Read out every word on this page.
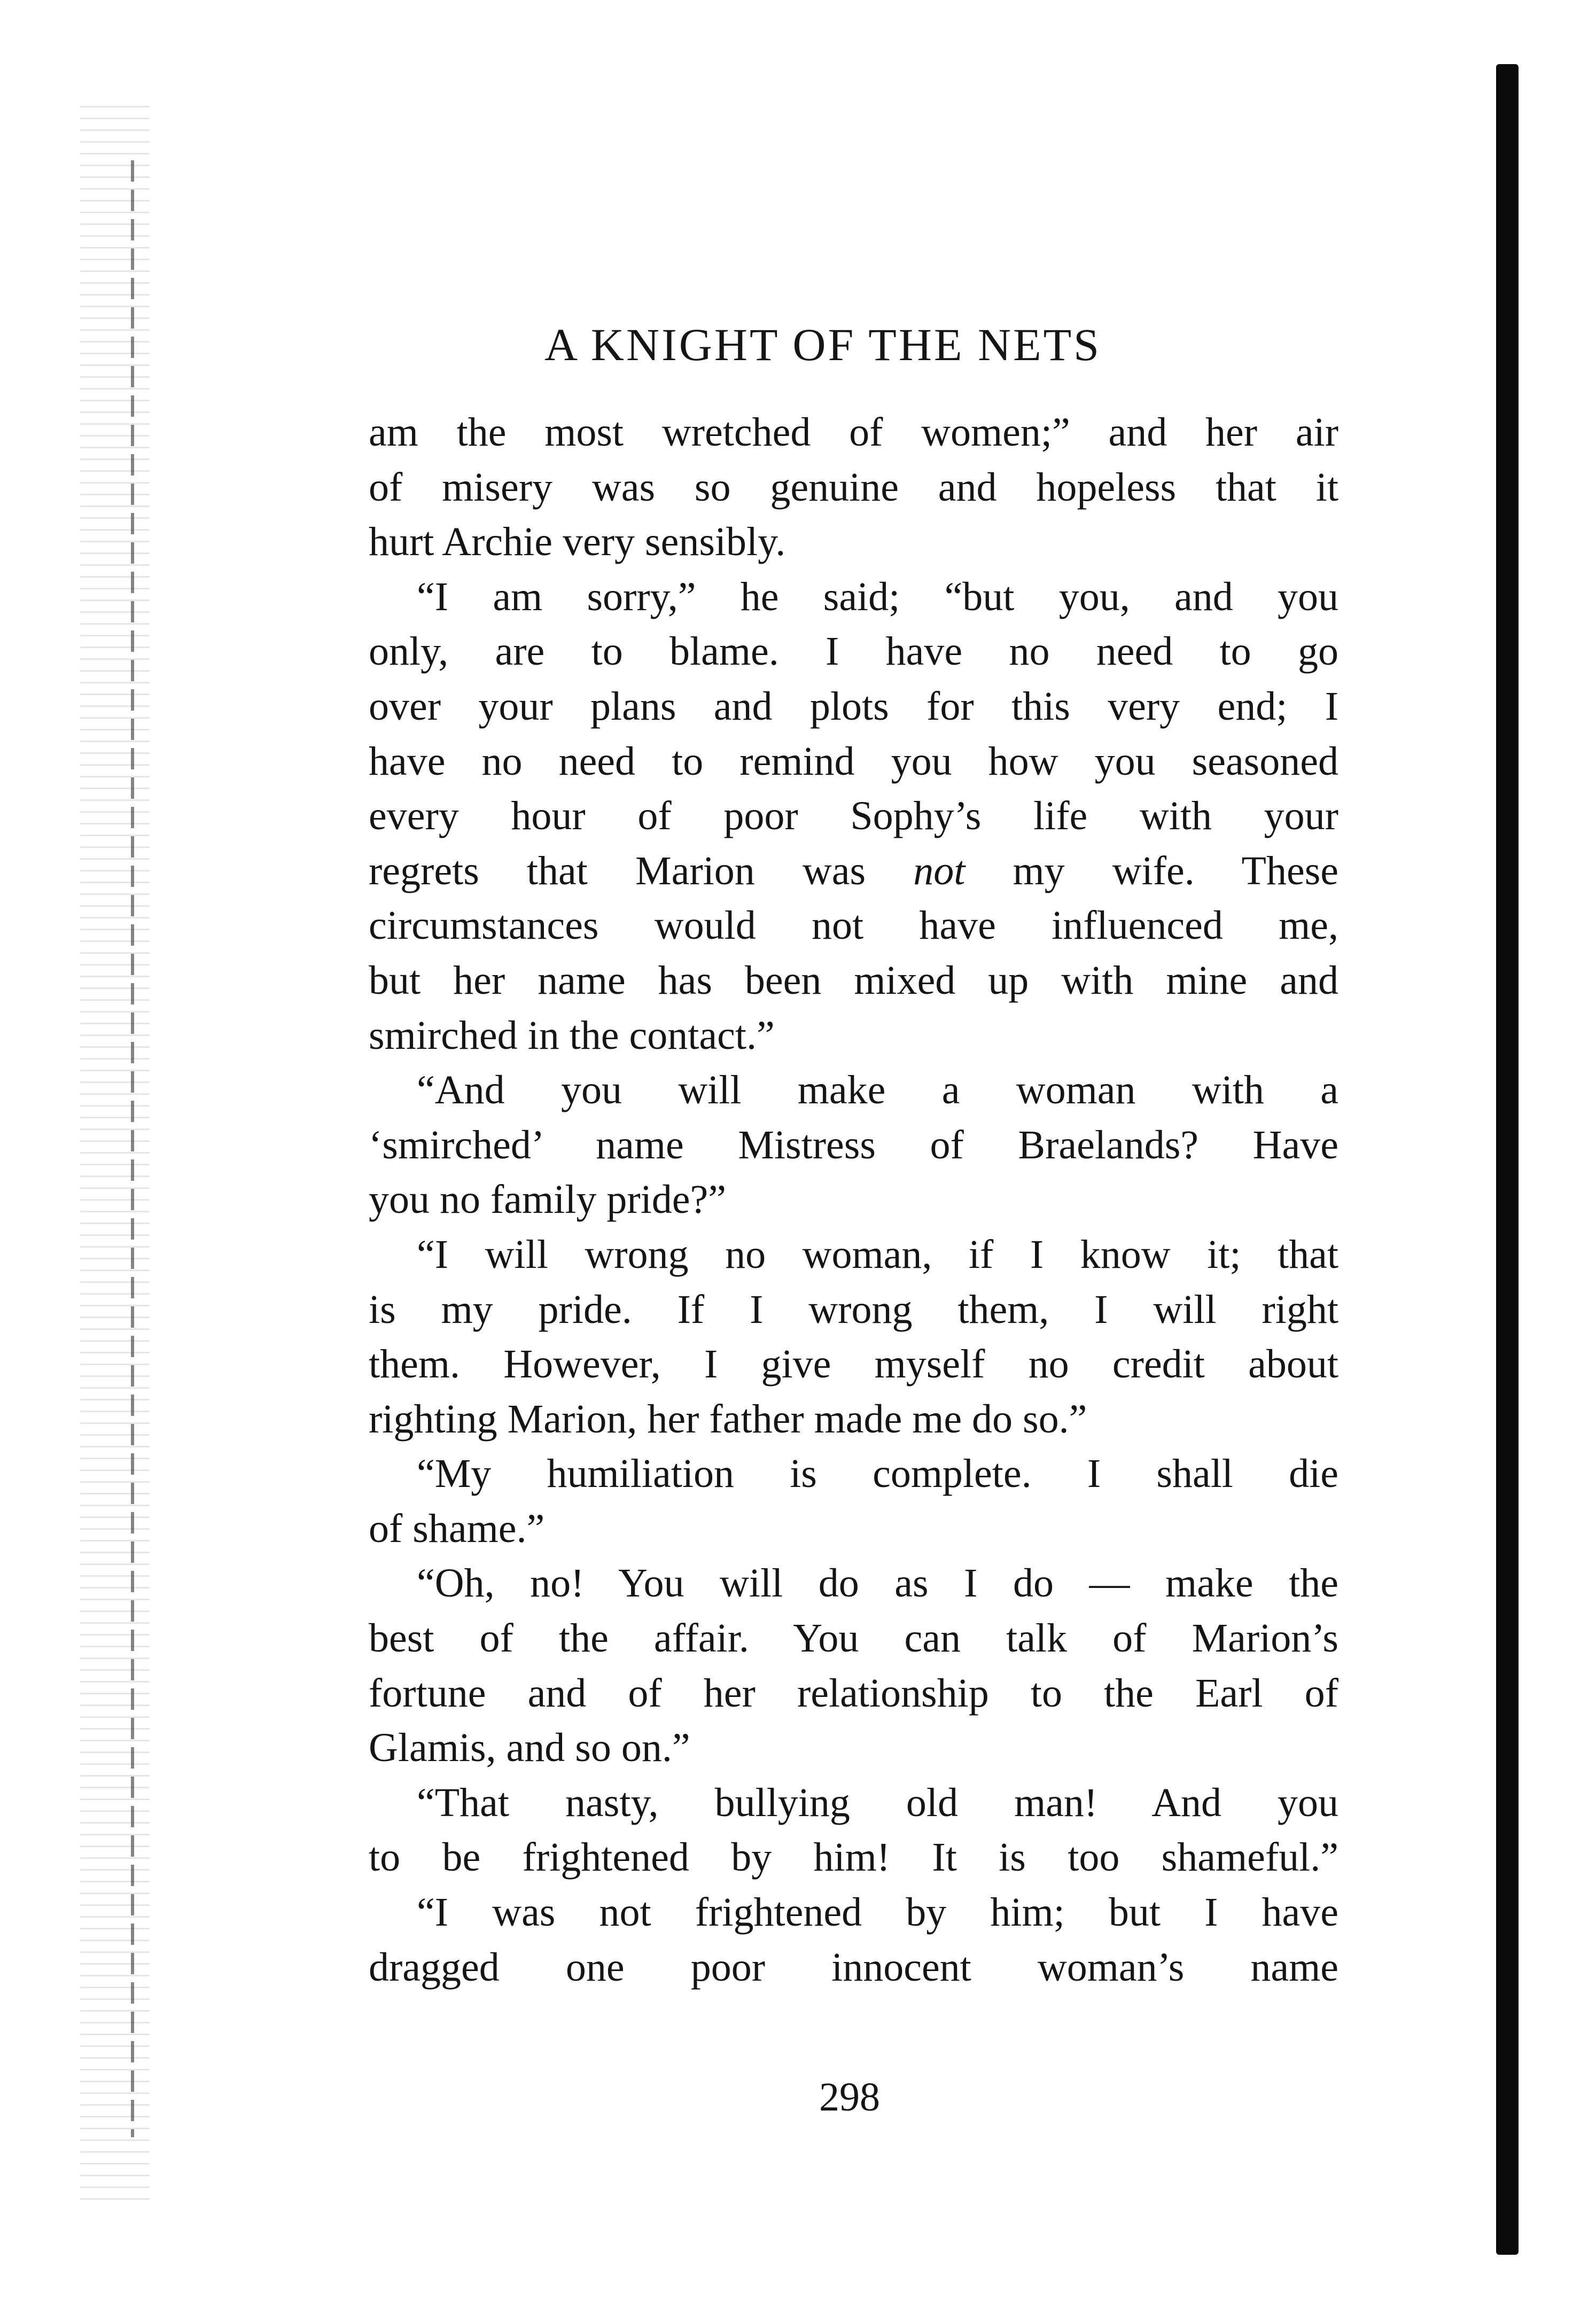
A KNIGHT OF THE NETS
am the most wretched of women;” and her air
of misery was so genuine and hopeless that it
hurt Archie very sensibly.
“I am sorry,” he said; “but you, and you
only, are to blame. I have no need to go
over your plans and plots for this very end; I
have no need to remind you how you seasoned
every hour of poor Sophy’s life with your
regrets that Marion was not my wife. These
circumstances would not have influenced me,
but her name has been mixed up with mine and
smirched in the contact.”
“And you will make a woman with a
‘smirched’ name Mistress of Braelands? Have
you no family pride?”
“I will wrong no woman, if I know it; that
is my pride. If I wrong them, I will right
them. However, I give myself no credit about
righting Marion, her father made me do so.”
“My humiliation is complete. I shall die
of shame.”
“Oh, no! You will do as I do — make the
best of the affair. You can talk of Marion’s
fortune and of her relationship to the Earl of
Glamis, and so on.”
“That nasty, bullying old man! And you
to be frightened by him! It is too shameful.”
“I was not frightened by him; but I have
dragged one poor innocent woman’s name
298
